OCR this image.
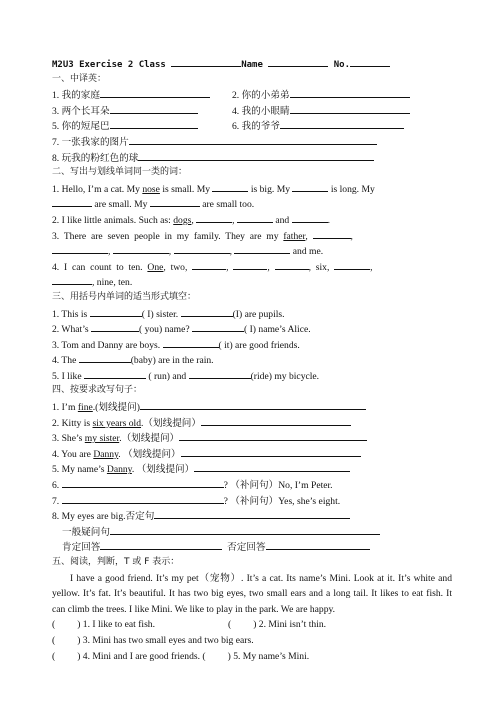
M2U3 Exercise 2 Class	Name	No.
一、中译英：
1. 我的家庭	2. 你的小弟弟
3. 两个长耳朵	4. 我的小眼睛
5. 你的短尾巴	6. 我的爷爷
7. 一张我家的图片
8. 玩我的粉红色的球
二、写出与划线单词同一类的词：
1. Hello, I’m a cat. My nose is small. My	is big. My	is long. My
are small. My	are small too.
2. I like little animals. Such as: dogs,	,	and	.
3.  There  are  seven  people  in  my  family.  They  are  my  father,	,
,	,	,	and me.
4.  I  can  count  to  ten.  One,  two,	,	,	,  six,	,
, nine, ten.
三、用括号内单词的适当形式填空：
1. This is	( I) sister.	(I) are pupils.
2. What’s	( you) name?	( I) name’s Alice.
3. Tom and Danny are boys.	( it) are good friends.
4. The	(baby) are in the rain.
5. I like	( run) and	(ride) my bicycle.
四、按要求改写句子：
1. I’m fine.(划线提问)
2. Kitty is six years old.（划线提问）
3. She’s my sister.（划线提问）
4. You are Danny. （划线提问）
5. My name’s Danny. （划线提问）
6.	? （补问句）No, I’m Peter.
7.	? （补问句）Yes, she’s eight.
8. My eyes are big.否定句
一般疑问句
肯定回答	否定回答
五、阅读，判断，T 或 F 表示：
I have a good friend. It’s my pet（宠物）. It’s a cat. Its name’s Mini. Look at it. It’s white and yellow. It’s fat. It’s beautiful. It has two big eyes, two small ears and a long tail. It likes to eat fish. It can climb the trees. I like Mini. We like to play in the park. We are happy.
( ) 1. I like to eat fish.	( ) 2. Mini isn’t thin.
( ) 3. Mini has two small eyes and two big ears.
( ) 4. Mini and I are good friends. ( ) 5. My name’s Mini.
